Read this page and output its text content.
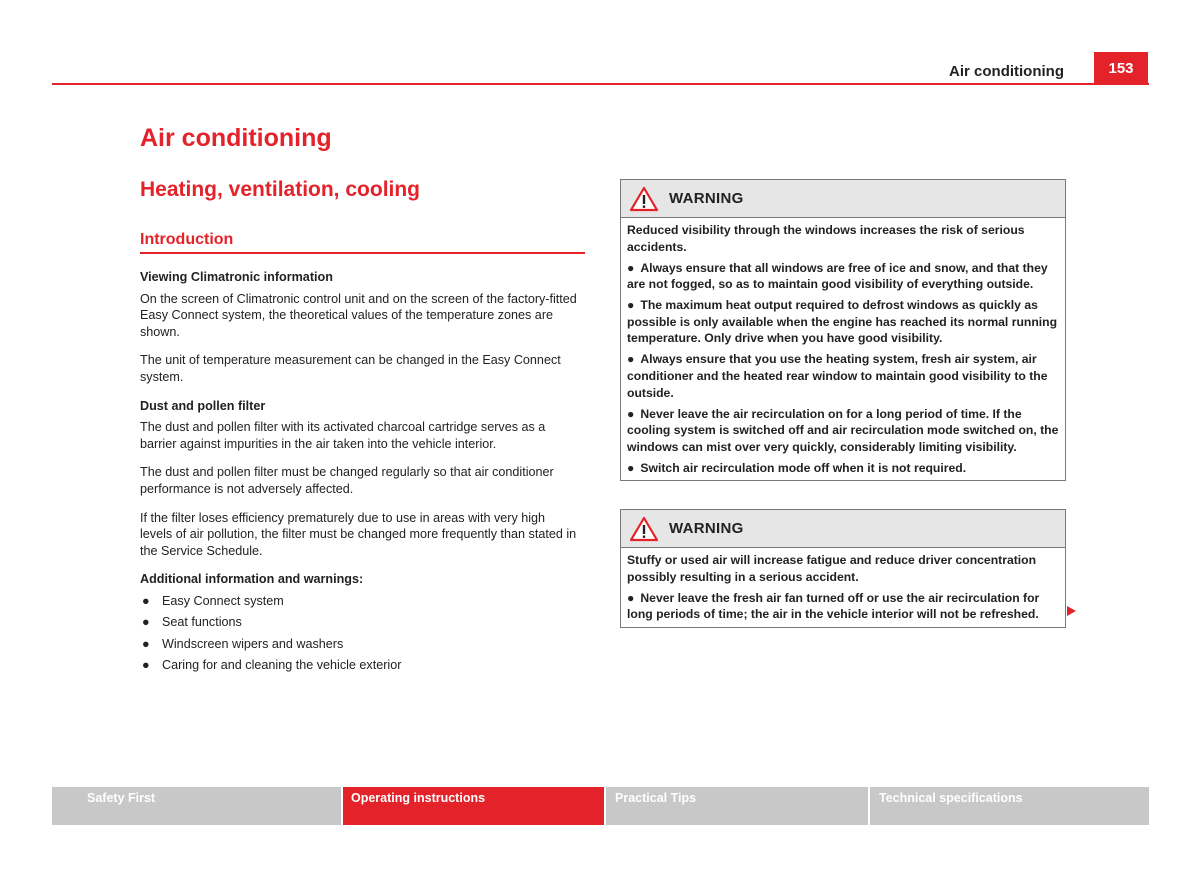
Air conditioning	153
Air conditioning
Heating, ventilation, cooling
Introduction
Viewing Climatronic information

On the screen of Climatronic control unit and on the screen of the factory-fitted Easy Connect system, the theoretical values of the temperature zones are shown.

The unit of temperature measurement can be changed in the Easy Connect system.

Dust and pollen filter

The dust and pollen filter with its activated charcoal cartridge serves as a barrier against impurities in the air taken into the vehicle interior.

The dust and pollen filter must be changed regularly so that air conditioner performance is not adversely affected.

If the filter loses efficiency prematurely due to use in areas with very high levels of air pollution, the filter must be changed more frequently than stated in the Service Schedule.

Additional information and warnings:
● Easy Connect system
● Seat functions
● Windscreen wipers and washers
● Caring for and cleaning the vehicle exterior
WARNING

Reduced visibility through the windows increases the risk of serious accidents.

● Always ensure that all windows are free of ice and snow, and that they are not fogged, so as to maintain good visibility of everything outside.

● The maximum heat output required to defrost windows as quickly as possible is only available when the engine has reached its normal running temperature. Only drive when you have good visibility.

● Always ensure that you use the heating system, fresh air system, air conditioner and the heated rear window to maintain good visibility to the outside.

● Never leave the air recirculation on for a long period of time. If the cooling system is switched off and air recirculation mode switched on, the windows can mist over very quickly, considerably limiting visibility.

● Switch air recirculation mode off when it is not required.

WARNING

Stuffy or used air will increase fatigue and reduce driver concentration possibly resulting in a serious accident.

● Never leave the fresh air fan turned off or use the air recirculation for long periods of time; the air in the vehicle interior will not be refreshed.

Safety First	Operating instructions	Practical Tips	Technical specifications
